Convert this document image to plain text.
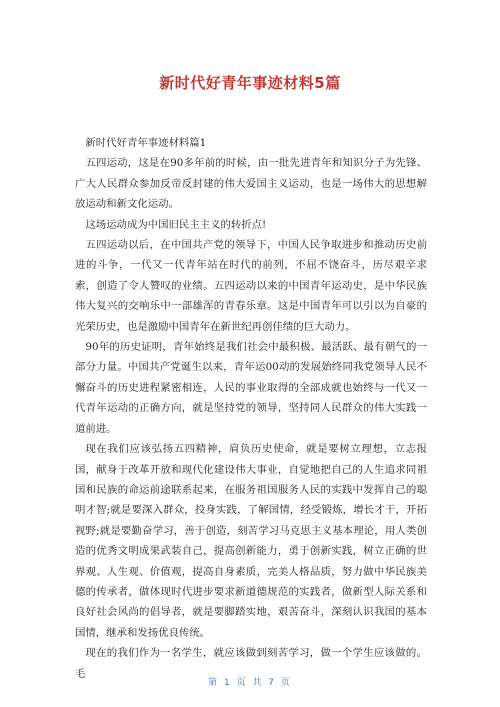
新时代好青年事迹材料5篇

新时代好青年事迹材料篇1

五四运动，这是在90多年前的时候，由一批先进青年和知识分子为先锋、广大人民群众参加反帝反封建的伟大爱国主义运动，也是一场伟大的思想解放运动和新文化运动。

这场运动成为中国旧民主主义的转折点!

五四运动以后，在中国共产党的领导下，中国人民争取进步和推动历史前进的斗争，一代又一代青年站在时代的前列，不屈不饶奋斗，历尽艰辛求索，创造了令人赞叹的业绩。五四运动以来的中国青年运动史，是中华民族伟大复兴的交响乐中一部雄浑的青春乐章。这是中国青年可以引以为自豪的光荣历史，也是激励中国青年在新世纪再创佳绩的巨大动力。

90年的历史证明，青年始终是我们社会中最积极、最活跃、最有朝气的一部分力量。中国共产党诞生以来，青年运00动的发展始终同我党领导人民不懈奋斗的历史进程紧密相连，人民的事业取得的全部成就也始终与一代又一代青年运动的正确方向，就是坚持党的领导，坚持同人民群众的伟大实践一道前进。

现在我们应该弘扬五四精神，肩负历史使命，就是要树立理想，立志报国，献身于改革开放和现代化建设伟大事业，自觉地把自己的人生追求同祖国和民族的命运前途联系起来，在服务祖国服务人民的实践中发挥自己的聪明才智;就是要深入群众，投身实践，了解国情，经受锻炼，增长才干，开拓视野;就是要勤奋学习，善于创造，刻苦学习马克思主义基本理论，用人类创造的优秀文明成果武装自己，提高创新能力，勇于创新实践，树立正确的世界观、人生观、价值观，提高自身素质，完美人格品质，努力做中华民族美德的传承者，做体现时代进步要求新道德规范的实践者，做新型人际关系和良好社会风尚的倡导者，就是要脚踏实地，艰苦奋斗，深刻认识我国的基本国情，继承和发扬优良传统。

现在的我们作为一名学生，就应该做到刻苦学习，做一个学生应该做的。毛

第 1 页 共 7 页
